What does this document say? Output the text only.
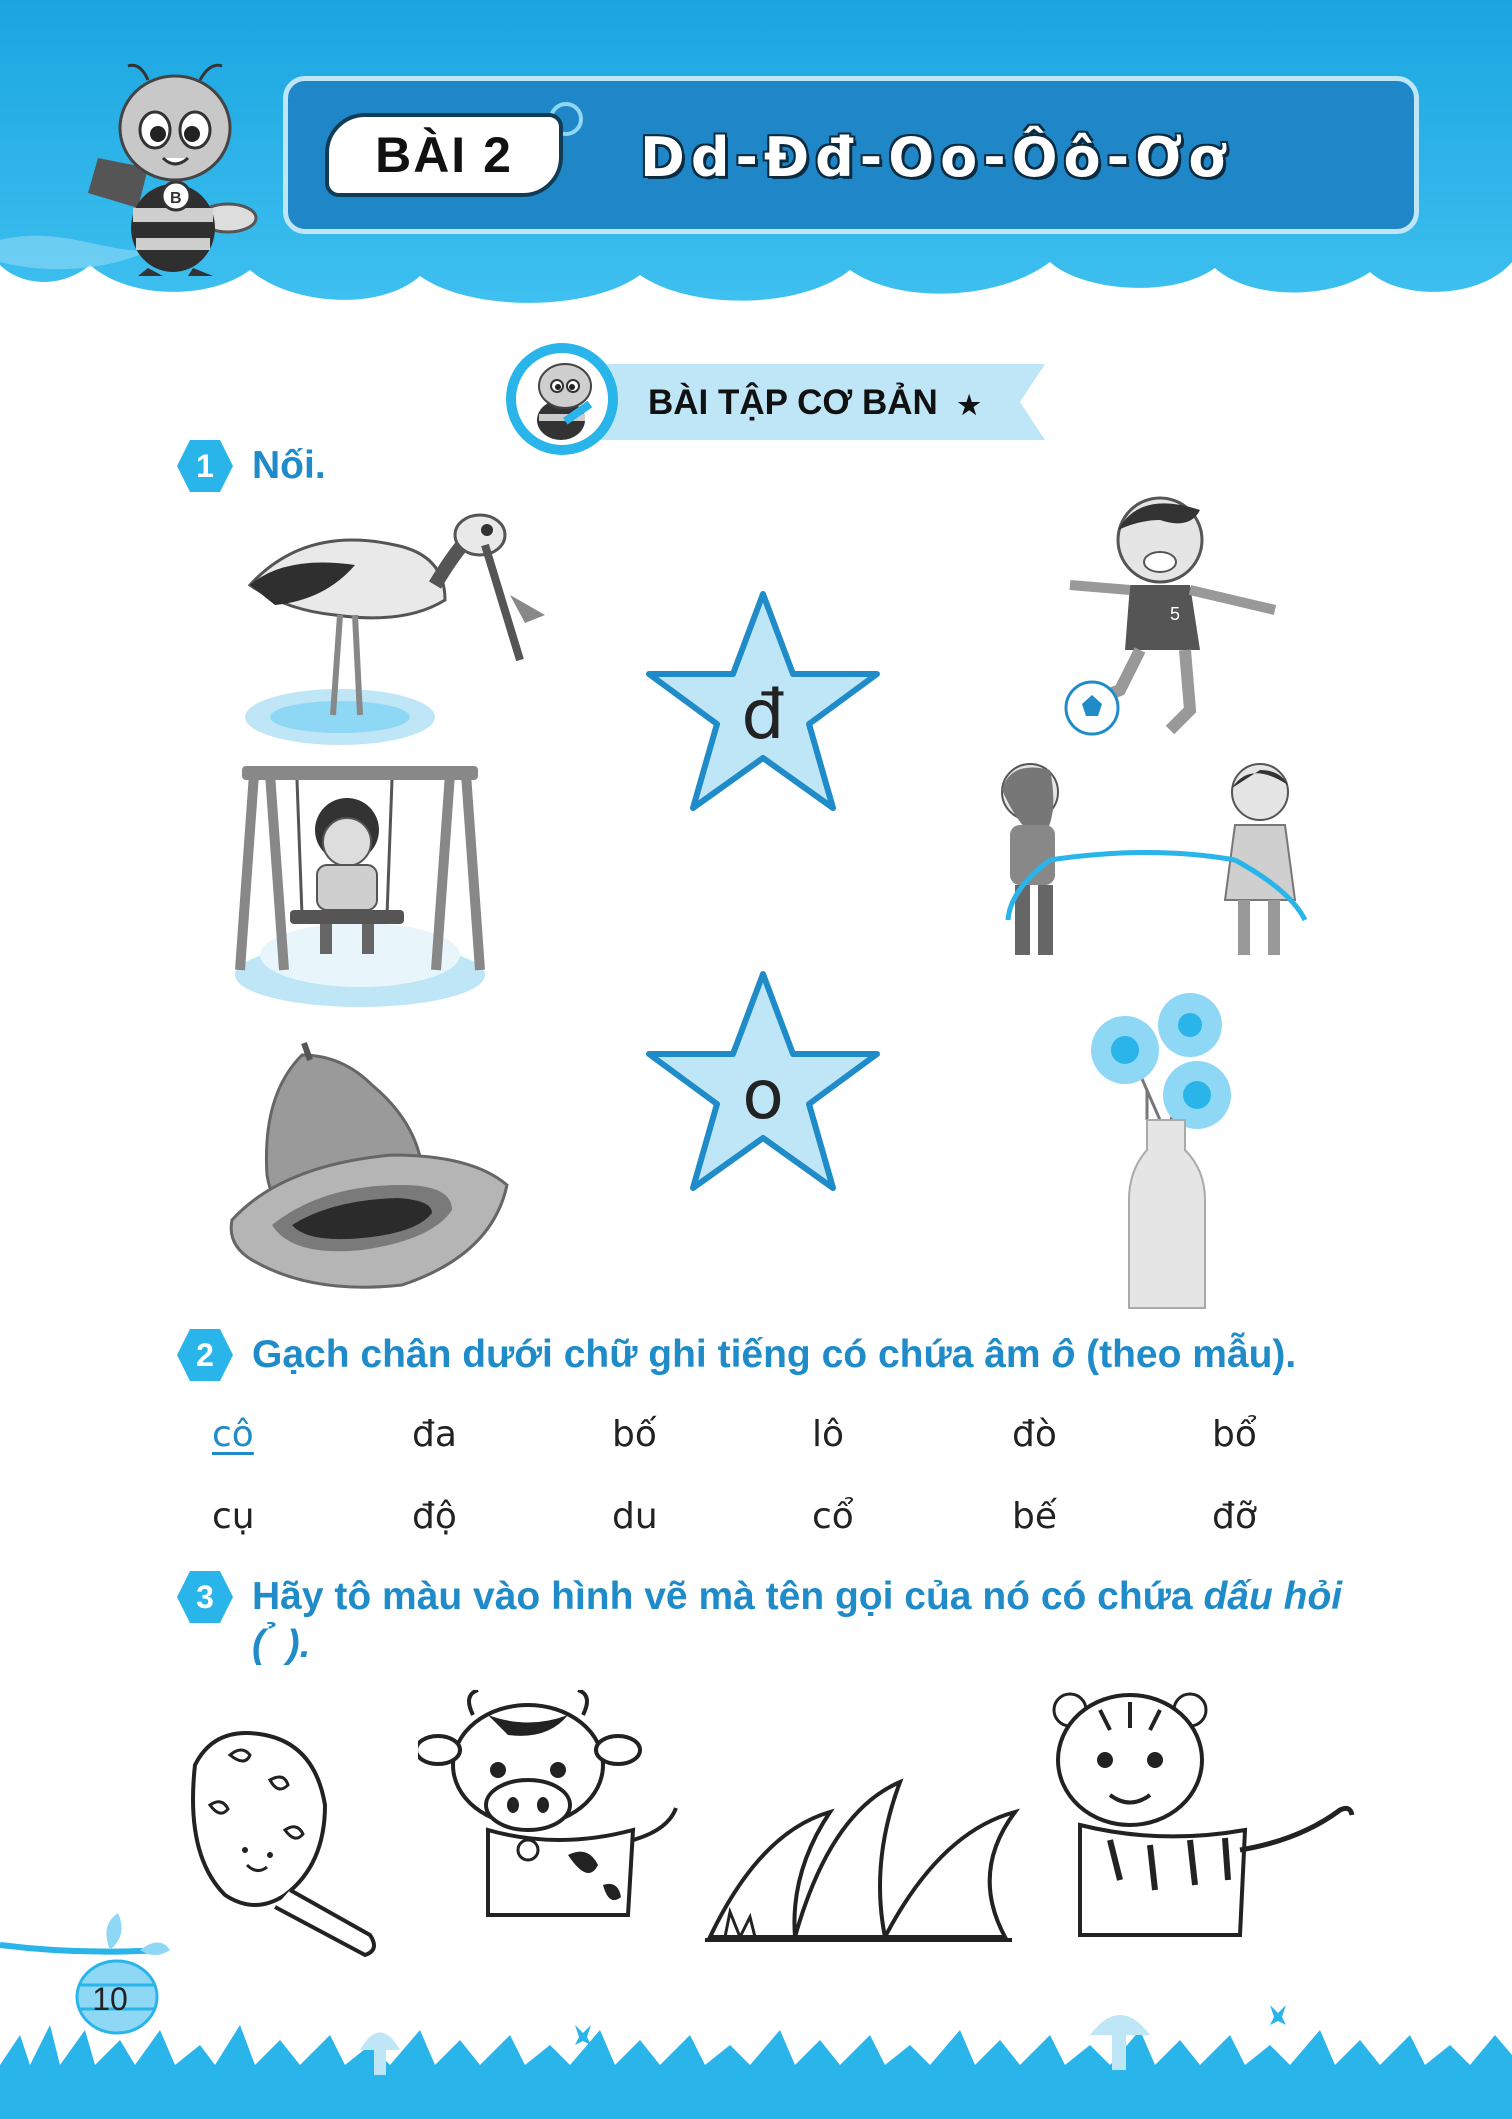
B
BÀI 2	Dd-Đđ-Oo-Ôô-Ơơ
BÀI TẬP CƠ BẢN ★
1 Nối.
đ
o
5
2 Gạch chân dưới chữ ghi tiếng có chứa âm ô (theo mẫu).
cô	đa	bố	lô	đò	bổ
cụ	độ	du	cổ	bế	đỡ
3 Hãy tô màu vào hình vẽ mà tên gọi của nó có chứa dấu hỏi ( ̉ ).
10
